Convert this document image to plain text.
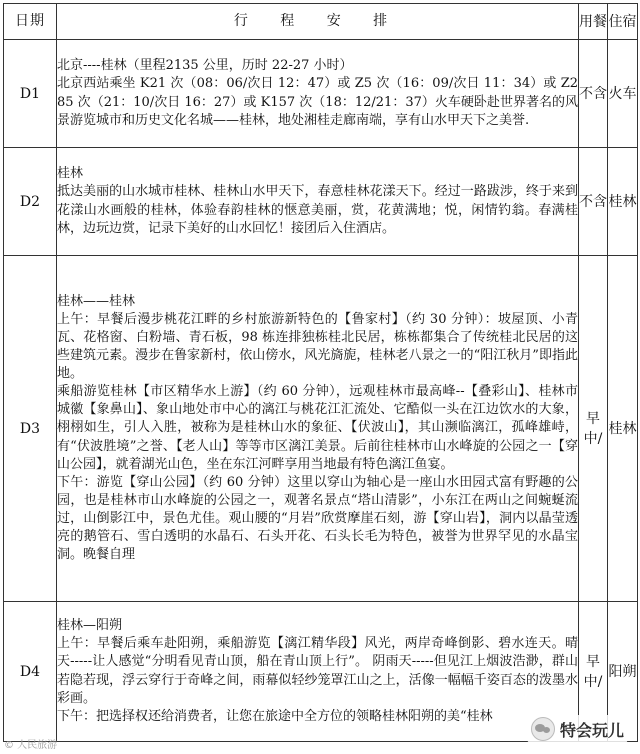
日期	行 程 安 排	用餐	住宿
D1	北京----桂林（里程2135 公里，历时 22-27 小时）
北京西站乘坐 K21 次（08：06/次日 12：47）或 Z5 次（16：09/次日 11：34）或 Z285 次（21：10/次日 16：27）或 K157 次（18：12/21：37）火车硬卧赴世界著名的风景游览城市和历史文化名城——桂林，地处湘桂走廊南端，享有山水甲天下之美誉.	不含	火车
D2	桂林
抵达美丽的山水城市桂林、桂林山水甲天下，春意桂林花漾天下。经过一路跋涉，终于来到花漾山水画般的桂林，体验春韵桂林的惬意美丽，赏，花黄满地；悦，闲情钓翁。春满桂林，边玩边赏，记录下美好的山水回忆！接团后入住酒店。	不含	桂林
D3	桂林——桂林
上午：早餐后漫步桃花江畔的乡村旅游新特色的【鲁家村】（约 30 分钟）：坡屋顶、小青瓦、花格窗、白粉墙、青石板，98 栋连排独栋桂北民居，栋栋都集合了传统桂北民居的这些建筑元素。漫步在鲁家新村，依山傍水，风光旖旎，桂林老八景之一的“阳江秋月”即指此地。
乘船游览桂林【市区精华水上游】（约 60 分钟），远观桂林市最高峰--【叠彩山】、桂林市城徽【象鼻山】、象山地处市中心的漓江与桃花江汇流处、它酷似一头在江边饮水的大象，栩栩如生，引人入胜，被称为是桂林山水的象征、【伏波山】，其山濒临漓江，孤峰雄峙，有“伏波胜境”之誉、【老人山】等等市区漓江美景。后前往桂林市山水峰旋的公园之一【穿山公园】，就着湖光山色，坐在东江河畔享用当地最有特色漓江鱼宴。
下午：游览【穿山公园】（约 60 分钟）这里以穿山为轴心是一座山水田园式富有野趣的公园，也是桂林市山水峰旋的公园之一，观著名景点“塔山清影”，小东江在两山之间蜿蜒流过，山倒影江中，景色尤佳。观山腰的“月岩”欣赏摩崖石刻，游【穿山岩】，洞内以晶莹透亮的鹅管石、雪白透明的水晶石、石头开花、石头长毛为特色，被誉为世界罕见的水晶宝洞。晚餐自理	早中/	桂林
D4	桂林—阳朔
上午：早餐后乘车赴阳朔，乘船游览【漓江精华段】风光，两岸奇峰倒影、碧水连天。晴天-----让人感觉“分明看见青山顶，船在青山顶上行”。 阴雨天-----但见江上烟波浩渺，群山若隐若现，浮云穿行于奇峰之间，雨幕似轻纱笼罩江山之上，活像一幅幅千姿百态的泼墨水彩画。
下午：把选择权还给消费者，让您在旅途中全方位的领略桂林阳朔的美“桂林	早中/	阳朔
© 人民旅游
特会玩儿
